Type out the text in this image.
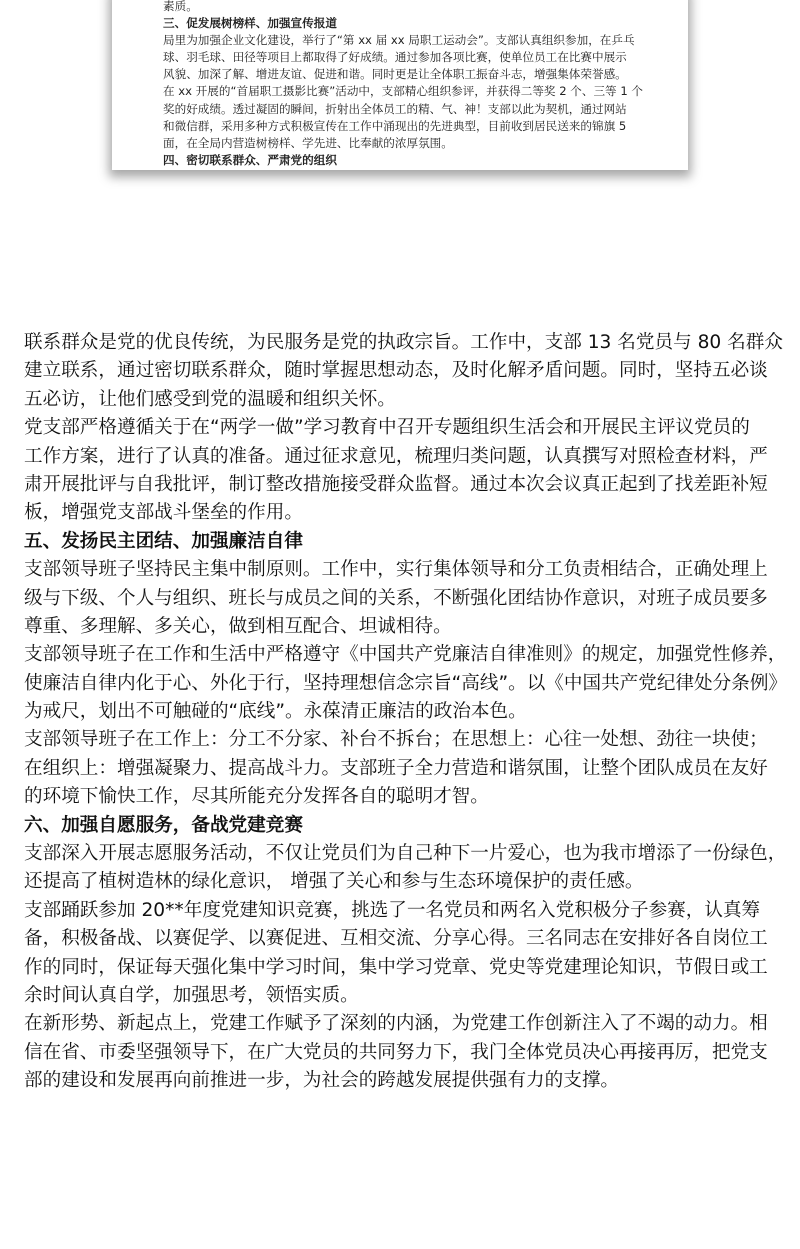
素质。
三、促发展树榜样、加强宣传报道
局里为加强企业文化建设，举行了“第 xx 届 xx 局职工运动会”。支部认真组织参加，在乒乓
球、羽毛球、田径等项目上都取得了好成绩。通过参加各项比赛，使单位员工在比赛中展示
风貌、加深了解、增进友谊、促进和谐。同时更是让全体职工振奋斗志，增强集体荣誉感。
在 xx 开展的“首届职工摄影比赛”活动中，支部精心组织参评，并获得二等奖 2 个、三等 1 个
奖的好成绩。透过凝固的瞬间，折射出全体员工的精、气、神！支部以此为契机，通过网站
和微信群，采用多种方式积极宣传在工作中涌现出的先进典型，目前收到居民送来的锦旗 5
面，在全局内营造树榜样、学先进、比奉献的浓厚氛围。
四、密切联系群众、严肃党的组织
联系群众是党的优良传统，为民服务是党的执政宗旨。工作中，支部 13 名党员与 80 名群众
建立联系，通过密切联系群众，随时掌握思想动态，及时化解矛盾问题。同时，坚持五必谈
五必访，让他们感受到党的温暖和组织关怀。
党支部严格遵循关于在“两学一做”学习教育中召开专题组织生活会和开展民主评议党员的
工作方案，进行了认真的准备。通过征求意见，梳理归类问题，认真撰写对照检查材料，严
肃开展批评与自我批评，制订整改措施接受群众监督。通过本次会议真正起到了找差距补短
板，增强党支部战斗堡垒的作用。
五、发扬民主团结、加强廉洁自律
支部领导班子坚持民主集中制原则。工作中，实行集体领导和分工负责相结合，正确处理上
级与下级、个人与组织、班长与成员之间的关系，不断强化团结协作意识，对班子成员要多
尊重、多理解、多关心，做到相互配合、坦诚相待。
支部领导班子在工作和生活中严格遵守《中国共产党廉洁自律准则》的规定，加强党性修养，
使廉洁自律内化于心、外化于行，坚持理想信念宗旨“高线”。以《中国共产党纪律处分条例》
为戒尺，划出不可触碰的“底线”。永葆清正廉洁的政治本色。
支部领导班子在工作上：分工不分家、补台不拆台；在思想上：心往一处想、劲往一块使；
在组织上：增强凝聚力、提高战斗力。支部班子全力营造和谐氛围，让整个团队成员在友好
的环境下愉快工作，尽其所能充分发挥各自的聪明才智。
六、加强自愿服务，备战党建竞赛
支部深入开展志愿服务活动，不仅让党员们为自己种下一片爱心，也为我市增添了一份绿色，
还提高了植树造林的绿化意识， 增强了关心和参与生态环境保护的责任感。
支部踊跃参加 20**年度党建知识竞赛，挑选了一名党员和两名入党积极分子参赛，认真筹
备，积极备战、以赛促学、以赛促进、互相交流、分享心得。三名同志在安排好各自岗位工
作的同时，保证每天强化集中学习时间，集中学习党章、党史等党建理论知识，节假日或工
余时间认真自学，加强思考，领悟实质。
在新形势、新起点上，党建工作赋予了深刻的内涵，为党建工作创新注入了不竭的动力。相
信在省、市委坚强领导下，在广大党员的共同努力下，我门全体党员决心再接再厉，把党支
部的建设和发展再向前推进一步，为社会的跨越发展提供强有力的支撑。
